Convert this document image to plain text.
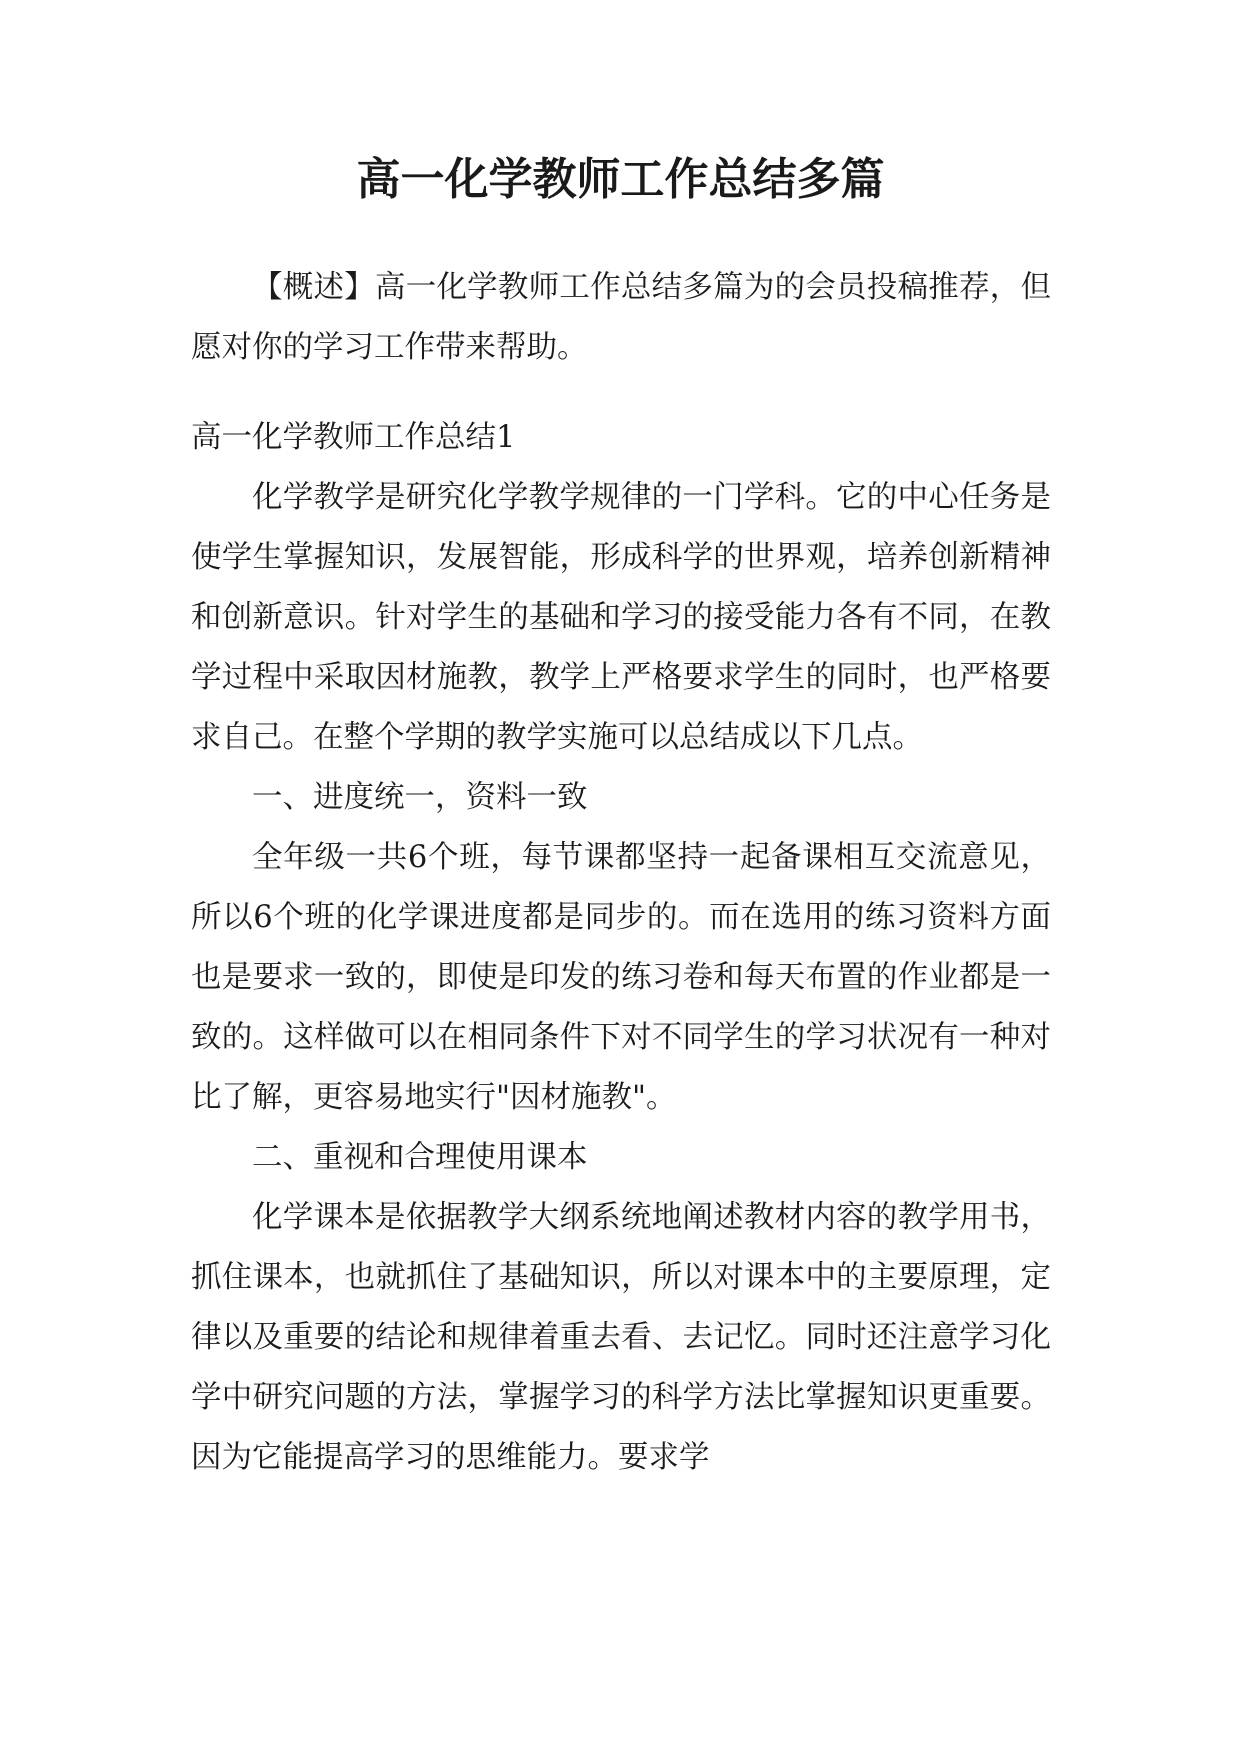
高一化学教师工作总结多篇

【概述】高一化学教师工作总结多篇为的会员投稿推荐，但愿对你的学习工作带来帮助。

高一化学教师工作总结1

化学教学是研究化学教学规律的一门学科。它的中心任务是使学生掌握知识，发展智能，形成科学的世界观，培养创新精神和创新意识。针对学生的基础和学习的接受能力各有不同，在教学过程中采取因材施教，教学上严格要求学生的同时，也严格要求自己。在整个学期的教学实施可以总结成以下几点。

一、进度统一，资料一致

全年级一共6个班，每节课都坚持一起备课相互交流意见，所以6个班的化学课进度都是同步的。而在选用的练习资料方面也是要求一致的，即使是印发的练习卷和每天布置的作业都是一致的。这样做可以在相同条件下对不同学生的学习状况有一种对比了解，更容易地实行"因材施教"。

二、重视和合理使用课本

化学课本是依据教学大纲系统地阐述教材内容的教学用书，抓住课本，也就抓住了基础知识，所以对课本中的主要原理，定律以及重要的结论和规律着重去看、去记忆。同时还注意学习化学中研究问题的方法，掌握学习的科学方法比掌握知识更重要。因为它能提高学习的思维能力。要求学
